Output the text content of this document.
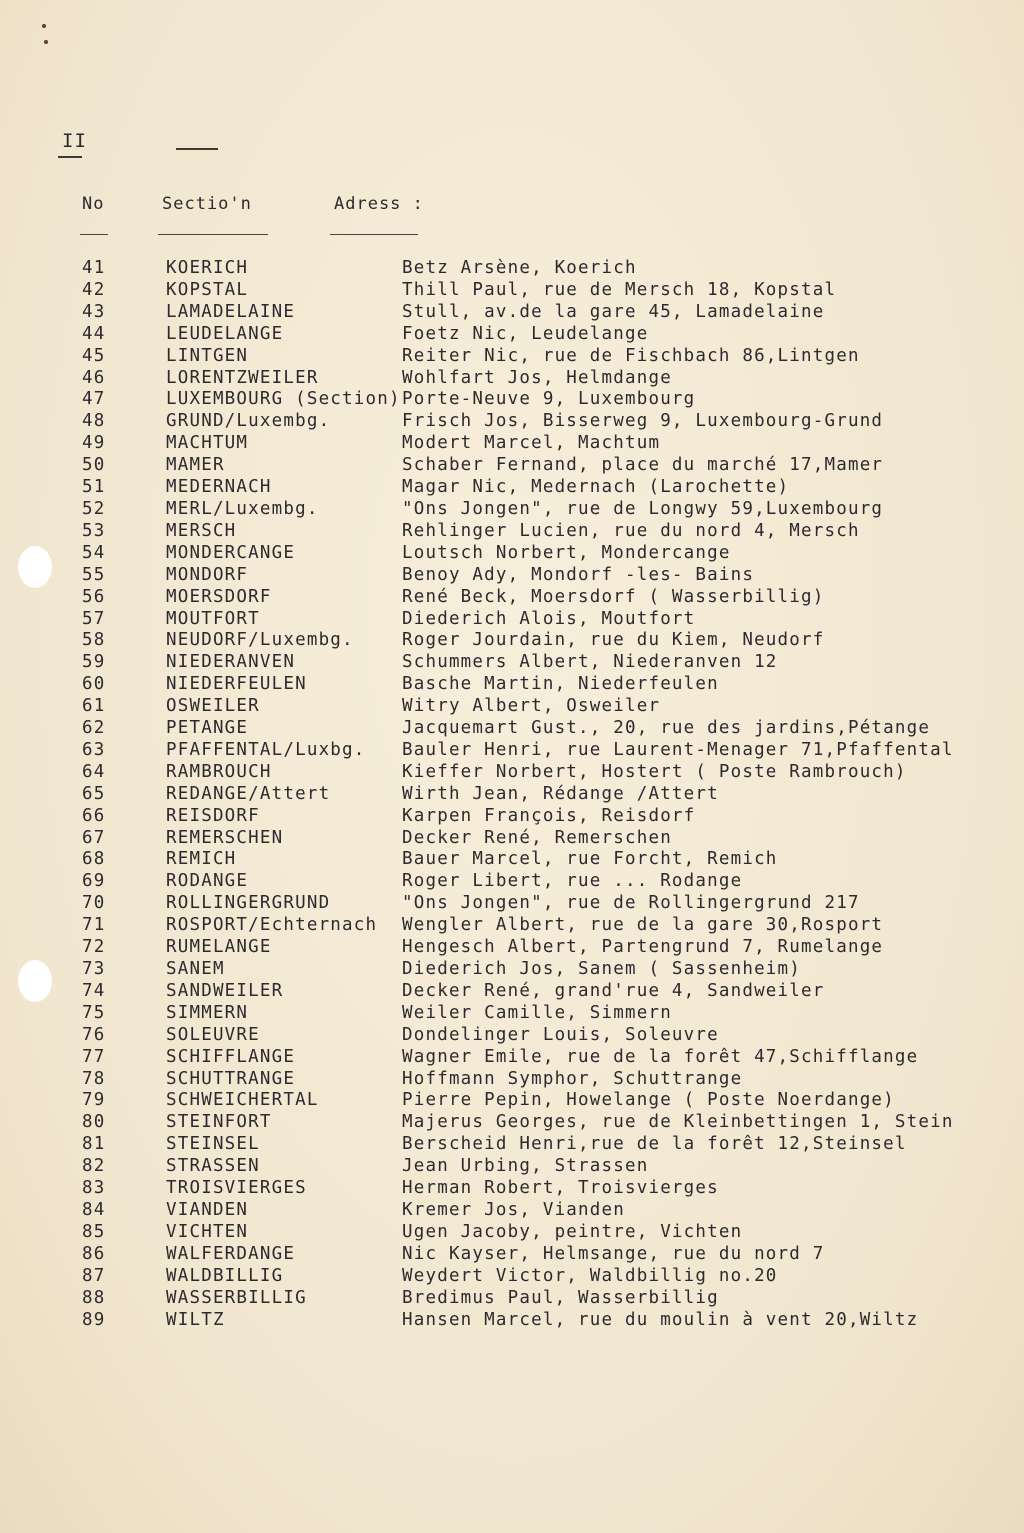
II
No	Sectio'n	Adress :
41	KOERICH	Betz Arsène, Koerich
42	KOPSTAL	Thill Paul, rue de Mersch 18, Kopstal
43	LAMADELAINE	Stull, av.de la gare 45, Lamadelaine
44	LEUDELANGE	Foetz Nic, Leudelange
45	LINTGEN	Reiter Nic, rue de Fischbach 86,Lintgen
46	LORENTZWEILER	Wohlfart Jos, Helmdange
47	LUXEMBOURG (Section)	Porte-Neuve 9, Luxembourg
48	GRUND/Luxembg.	Frisch Jos, Bisserweg 9, Luxembourg-Grund
49	MACHTUM	Modert Marcel, Machtum
50	MAMER	Schaber Fernand, place du marché 17,Mamer
51	MEDERNACH	Magar Nic, Medernach (Larochette)
52	MERL/Luxembg.	"Ons Jongen", rue de Longwy 59,Luxembourg
53	MERSCH	Rehlinger Lucien, rue du nord 4, Mersch
54	MONDERCANGE	Loutsch Norbert, Mondercange
55	MONDORF	Benoy Ady, Mondorf -les- Bains
56	MOERSDORF	René Beck, Moersdorf ( Wasserbillig)
57	MOUTFORT	Diederich Alois, Moutfort
58	NEUDORF/Luxembg.	Roger Jourdain, rue du Kiem, Neudorf
59	NIEDERANVEN	Schummers Albert, Niederanven 12
60	NIEDERFEULEN	Basche Martin, Niederfeulen
61	OSWEILER	Witry Albert, Osweiler
62	PETANGE	Jacquemart Gust., 20, rue des jardins,Pétange
63	PFAFFENTAL/Luxbg.	Bauler Henri, rue Laurent-Menager 71,Pfaffental
64	RAMBROUCH	Kieffer Norbert, Hostert ( Poste Rambrouch)
65	REDANGE/Attert	Wirth Jean, Rédange /Attert
66	REISDORF	Karpen François, Reisdorf
67	REMERSCHEN	Decker René, Remerschen
68	REMICH	Bauer Marcel, rue Forcht, Remich
69	RODANGE	Roger Libert, rue ... Rodange
70	ROLLINGERGRUND	"Ons Jongen", rue de Rollingergrund 217
71	ROSPORT/Echternach	Wengler Albert, rue de la gare 30,Rosport
72	RUMELANGE	Hengesch Albert, Partengrund 7, Rumelange
73	SANEM	Diederich Jos, Sanem ( Sassenheim)
74	SANDWEILER	Decker René, grand'rue 4, Sandweiler
75	SIMMERN	Weiler Camille, Simmern
76	SOLEUVRE	Dondelinger Louis, Soleuvre
77	SCHIFFLANGE	Wagner Emile, rue de la forêt 47,Schifflange
78	SCHUTTRANGE	Hoffmann Symphor, Schuttrange
79	SCHWEICHERTAL	Pierre Pepin, Howelange ( Poste Noerdange)
80	STEINFORT	Majerus Georges, rue de Kleinbettingen 1, Stein
81	STEINSEL	Berscheid Henri,rue de la forêt 12,Steinsel
82	STRASSEN	Jean Urbing, Strassen
83	TROISVIERGES	Herman Robert, Troisvierges
84	VIANDEN	Kremer Jos, Vianden
85	VICHTEN	Ugen Jacoby, peintre, Vichten
86	WALFERDANGE	Nic Kayser, Helmsange, rue du nord 7
87	WALDBILLIG	Weydert Victor, Waldbillig no.20
88	WASSERBILLIG	Bredimus Paul, Wasserbillig
89	WILTZ	Hansen Marcel, rue du moulin à vent 20,Wiltz
